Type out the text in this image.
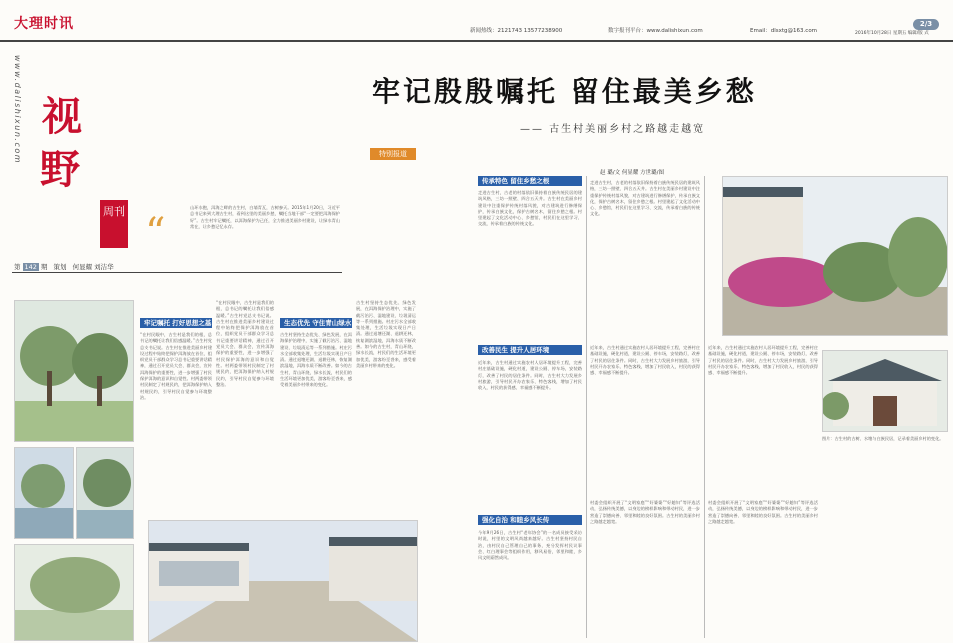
大理时讯	新闻热线：2121743 13577238900	数字报刊平台：www.dalishixun.com	Email：dlsxtg@163.com	2016年10月28日 星期五 编辑/版 式
2/3
www.dalishixun.com 视
野
周刊
第 142 期 策划 何显耀 刘洁华
牢记殷殷嘱托 留住最美乡愁
—— 古生村美丽乡村之路越走越宽
特别报道
赵 璐/文 何显耀 方世璐/图
“
山环水抱，洱海之畔的古生村，白墙青瓦，古树参天。2015年1月20日，习近平总书记来到大理古生村，看到这里的美丽乡愁，嘱托当地干部“一定要把洱海保护好”。古生村牢记嘱托，以洱海保护为己任，全力推进美丽乡村建设，让绿水青山常在，让乡愁记忆永存。
牢记嘱托 打好思想之基
“在村民眼中，古生村是我们的根，总书记的嘱托让我们倍感温暖。”古生村党总支书记说。古生村在推进美丽乡村建设过程中始终把保护洱海放在首位，组织党员干部群众学习总书记重要讲话精神，通过召开党员大会、群众会，宣传洱海保护的重要性，进一步增强了村民保护洱海的意识和自觉性。村两委带领村民制定了村规民约，把洱海保护纳入村规民约，引导村民自觉参与环境整治。
“在村民眼中，古生村是我们的根，总书记的嘱托让我们倍感温暖。”古生村党总支书记说。古生村在推进美丽乡村建设过程中始终把保护洱海放在首位，组织党员干部群众学习总书记重要讲话精神，通过召开党员大会、群众会，宣传洱海保护的重要性，进一步增强了村民保护洱海的意识和自觉性。村两委带领村民制定了村规民约，把洱海保护纳入村规民约，引导村民自觉参与环境整治。
生态优先 守住青山绿水
古生村坚持生态优先、绿色发展，在洱海保护治理中，实施了截污治污、湿地建设、垃圾清运等一系列措施。村庄污水全部收集处理，生活垃圾实现日产日清。通过退塘还湖、退耕还林，恢复湖滨湿地，洱海水质不断改善。如今的古生村，青山环绕，绿水长流，村民们的生活环境更加优美，游客纷至沓来，感受着美丽乡村带来的变化。
古生村坚持生态优先、绿色发展，在洱海保护治理中，实施了截污治污、湿地建设、垃圾清运等一系列措施。村庄污水全部收集处理，生活垃圾实现日产日清。通过退塘还湖、退耕还林，恢复湖滨湿地，洱海水质不断改善。如今的古生村，青山环绕，绿水长流，村民们的生活环境更加优美，游客纷至沓来，感受着美丽乡村带来的变化。
传承特色 留住乡愁之根
走进古生村，古老的村落依旧保持着白族传统民居的建筑风格，三坊一照壁、四合五天井。古生村在美丽乡村建设中注重保护传统村落风貌，对古建筑进行修缮保护，传承白族文化，保护古树名木，留住乡愁之根。村里建起了文化活动中心、乡愁馆，村民们在这里学习、交流，传承着白族的传统文化。
走进古生村，古老的村落依旧保持着白族传统民居的建筑风格，三坊一照壁、四合五天井。古生村在美丽乡村建设中注重保护传统村落风貌，对古建筑进行修缮保护，传承白族文化，保护古树名木，留住乡愁之根。村里建起了文化活动中心、乡愁馆，村民们在这里学习、交流，传承着白族的传统文化。
改善民生 提升人居环境
近年来，古生村通过实施农村人居环境提升工程，完善村庄基础设施，硬化村道，建设公厕、停车场，安装路灯，改善了村民的居住条件。同时，古生村大力发展乡村旅游，引导村民开办农家乐、特色客栈，增加了村民收入，村民的获得感、幸福感不断提升。
近年来，古生村通过实施农村人居环境提升工程，完善村庄基础设施，硬化村道，建设公厕、停车场，安装路灯，改善了村民的居住条件。同时，古生村大力发展乡村旅游，引导村民开办农家乐、特色客栈，增加了村民收入，村民的获得感、幸福感不断提升。
近年来，古生村通过实施农村人居环境提升工程，完善村庄基础设施，硬化村道，建设公厕、停车场，安装路灯，改善了村民的居住条件。同时，古生村大力发展乡村旅游，引导村民开办农家乐、特色客栈，增加了村民收入，村民的获得感、幸福感不断提升。
强化自治 和睦乡风长传
今年9月26日，古生村“老年协会”的一名成员接受采访时说，村里的文明风尚越来越好。古生村坚持村民自治，由村民自己管理自己的事务，充分发挥村民议事会、红白理事会等组织作用，移风易俗，邻里和睦，乡风文明蔚然成风。
村委会组织开展了“文明家庭”“好婆婆”“好媳妇”等评选活动，弘扬传统美德，以身边的榜样影响和带动村民，进一步营造了崇德向善、邻里和睦的良好氛围。古生村的美丽乡村之路越走越宽。
村委会组织开展了“文明家庭”“好婆婆”“好媳妇”等评选活动，弘扬传统美德，以身边的榜样影响和带动村民，进一步营造了崇德向善、邻里和睦的良好氛围。古生村的美丽乡村之路越走越宽。
图片：古生村的古树、水塘与白族民居，记录着美丽乡村的变化。
